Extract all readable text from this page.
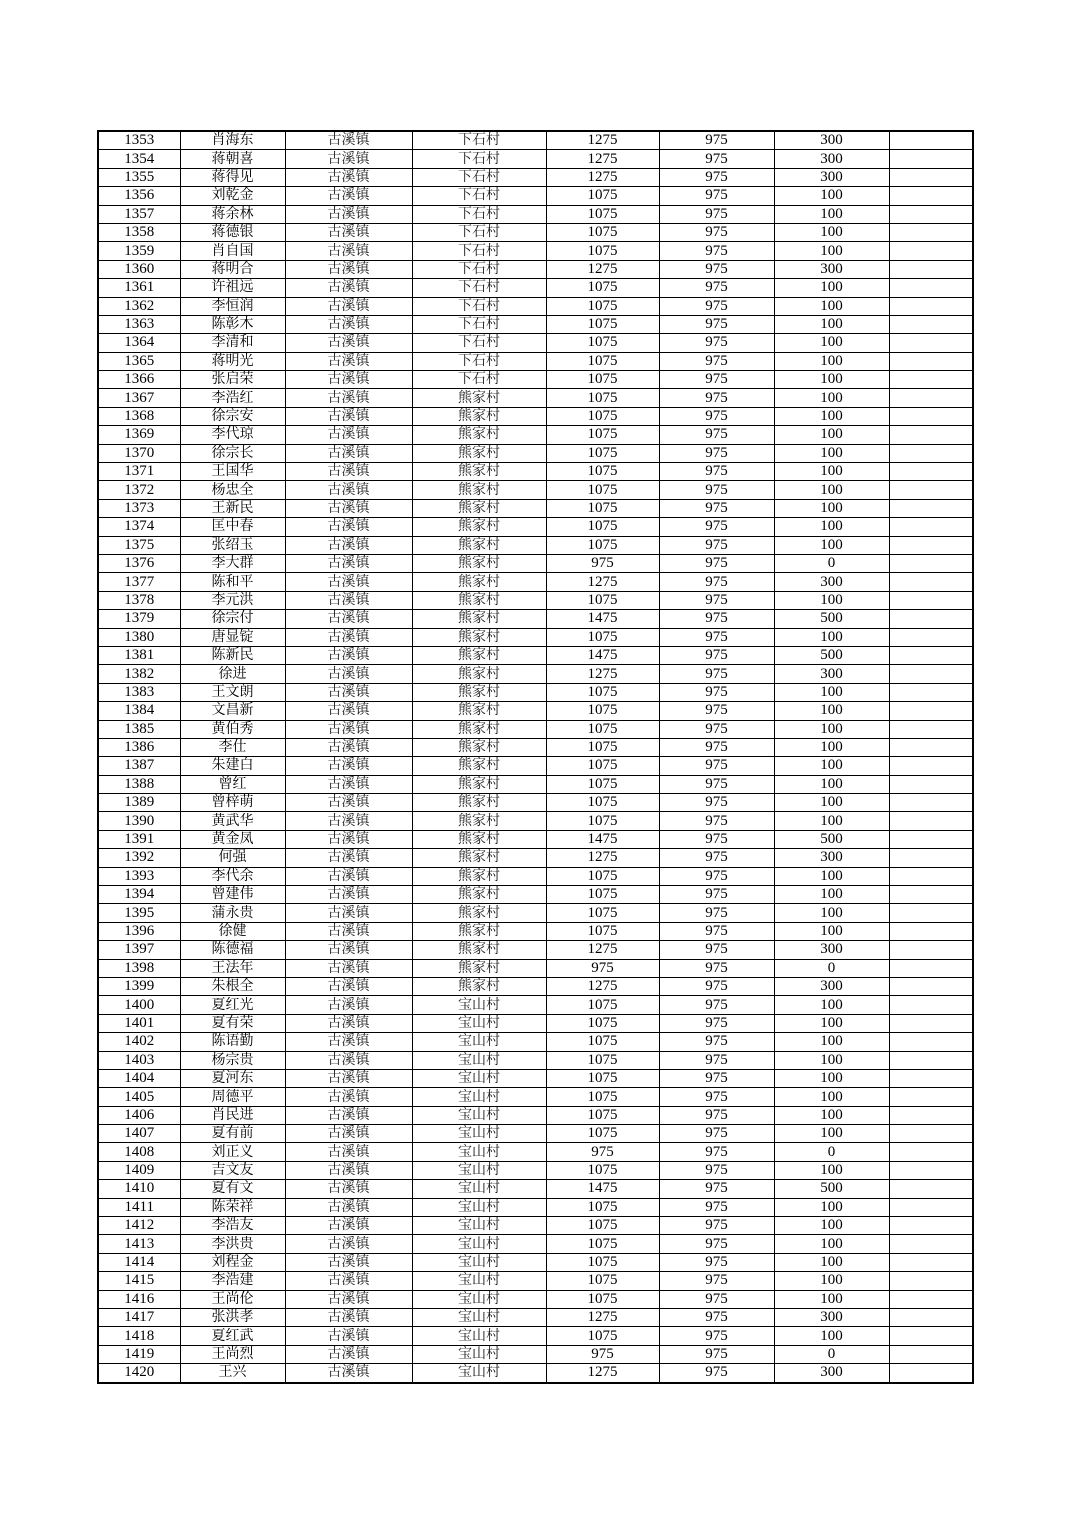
1353	肖海东	古溪镇	下石村	1275	975	300	
1354	蒋朝喜	古溪镇	下石村	1275	975	300	
1355	蒋得见	古溪镇	下石村	1275	975	300	
1356	刘乾金	古溪镇	下石村	1075	975	100	
1357	蒋余林	古溪镇	下石村	1075	975	100	
1358	蒋德银	古溪镇	下石村	1075	975	100	
1359	肖自国	古溪镇	下石村	1075	975	100	
1360	蒋明合	古溪镇	下石村	1275	975	300	
1361	许祖远	古溪镇	下石村	1075	975	100	
1362	李恒润	古溪镇	下石村	1075	975	100	
1363	陈彰木	古溪镇	下石村	1075	975	100	
1364	李清和	古溪镇	下石村	1075	975	100	
1365	蒋明光	古溪镇	下石村	1075	975	100	
1366	张启荣	古溪镇	下石村	1075	975	100	
1367	李浩红	古溪镇	熊家村	1075	975	100	
1368	徐宗安	古溪镇	熊家村	1075	975	100	
1369	李代琼	古溪镇	熊家村	1075	975	100	
1370	徐宗长	古溪镇	熊家村	1075	975	100	
1371	王国华	古溪镇	熊家村	1075	975	100	
1372	杨忠全	古溪镇	熊家村	1075	975	100	
1373	王新民	古溪镇	熊家村	1075	975	100	
1374	匡中春	古溪镇	熊家村	1075	975	100	
1375	张绍玉	古溪镇	熊家村	1075	975	100	
1376	李大群	古溪镇	熊家村	975	975	0	
1377	陈和平	古溪镇	熊家村	1275	975	300	
1378	李元洪	古溪镇	熊家村	1075	975	100	
1379	徐宗付	古溪镇	熊家村	1475	975	500	
1380	唐显锭	古溪镇	熊家村	1075	975	100	
1381	陈新民	古溪镇	熊家村	1475	975	500	
1382	徐进	古溪镇	熊家村	1275	975	300	
1383	王文朗	古溪镇	熊家村	1075	975	100	
1384	文昌新	古溪镇	熊家村	1075	975	100	
1385	黄伯秀	古溪镇	熊家村	1075	975	100	
1386	李仕	古溪镇	熊家村	1075	975	100	
1387	朱建白	古溪镇	熊家村	1075	975	100	
1388	曾红	古溪镇	熊家村	1075	975	100	
1389	曾梓萌	古溪镇	熊家村	1075	975	100	
1390	黄武华	古溪镇	熊家村	1075	975	100	
1391	黄金凤	古溪镇	熊家村	1475	975	500	
1392	何强	古溪镇	熊家村	1275	975	300	
1393	李代余	古溪镇	熊家村	1075	975	100	
1394	曾建伟	古溪镇	熊家村	1075	975	100	
1395	蒲永贵	古溪镇	熊家村	1075	975	100	
1396	徐健	古溪镇	熊家村	1075	975	100	
1397	陈德福	古溪镇	熊家村	1275	975	300	
1398	王法年	古溪镇	熊家村	975	975	0	
1399	朱根全	古溪镇	熊家村	1275	975	300	
1400	夏红光	古溪镇	宝山村	1075	975	100	
1401	夏有荣	古溪镇	宝山村	1075	975	100	
1402	陈语勤	古溪镇	宝山村	1075	975	100	
1403	杨宗贵	古溪镇	宝山村	1075	975	100	
1404	夏河东	古溪镇	宝山村	1075	975	100	
1405	周德平	古溪镇	宝山村	1075	975	100	
1406	肖民进	古溪镇	宝山村	1075	975	100	
1407	夏有前	古溪镇	宝山村	1075	975	100	
1408	刘正义	古溪镇	宝山村	975	975	0	
1409	吉文友	古溪镇	宝山村	1075	975	100	
1410	夏有文	古溪镇	宝山村	1475	975	500	
1411	陈荣祥	古溪镇	宝山村	1075	975	100	
1412	李浩友	古溪镇	宝山村	1075	975	100	
1413	李洪贵	古溪镇	宝山村	1075	975	100	
1414	刘程金	古溪镇	宝山村	1075	975	100	
1415	李浩建	古溪镇	宝山村	1075	975	100	
1416	王尚伦	古溪镇	宝山村	1075	975	100	
1417	张洪孝	古溪镇	宝山村	1275	975	300	
1418	夏红武	古溪镇	宝山村	1075	975	100	
1419	王尚烈	古溪镇	宝山村	975	975	0	
1420	王兴	古溪镇	宝山村	1275	975	300	
